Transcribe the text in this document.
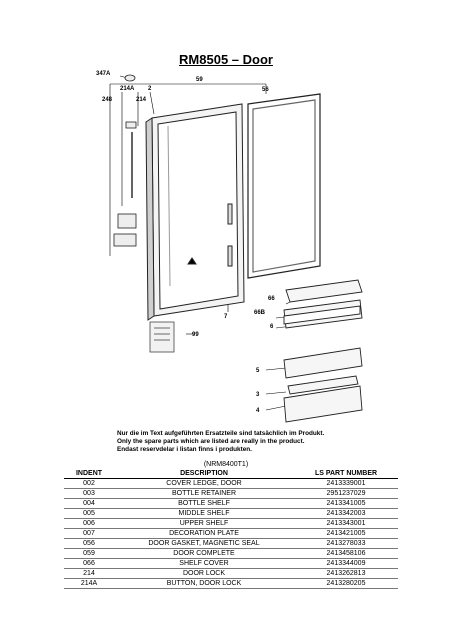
RM8505 – Door
347A
59
56
214A 2
248	214
66
66B
6
7
99
5
3
4
Nur die im Text aufgeführten Ersatzteile sind tatsächlich im Produkt.
Only the spare parts which are listed are really in the product.
Endast reservdelar i listan finns i produkten.
(NRM8400T1)
INDENT	DESCRIPTION	LS PART NUMBER
002	COVER LEDGE, DOOR	2413339001
003	BOTTLE RETAINER	2951237029
004	BOTTLE SHELF	2413341005
005	MIDDLE SHELF	2413342003
006	UPPER SHELF	2413343001
007	DECORATION PLATE	2413421005
056	DOOR GASKET, MAGNETIC SEAL	2413278033
059	DOOR COMPLETE	2413458106
066	SHELF COVER	2413344009
214	DOOR LOCK	2413262813
214A	BUTTON, DOOR LOCK	2413280205
